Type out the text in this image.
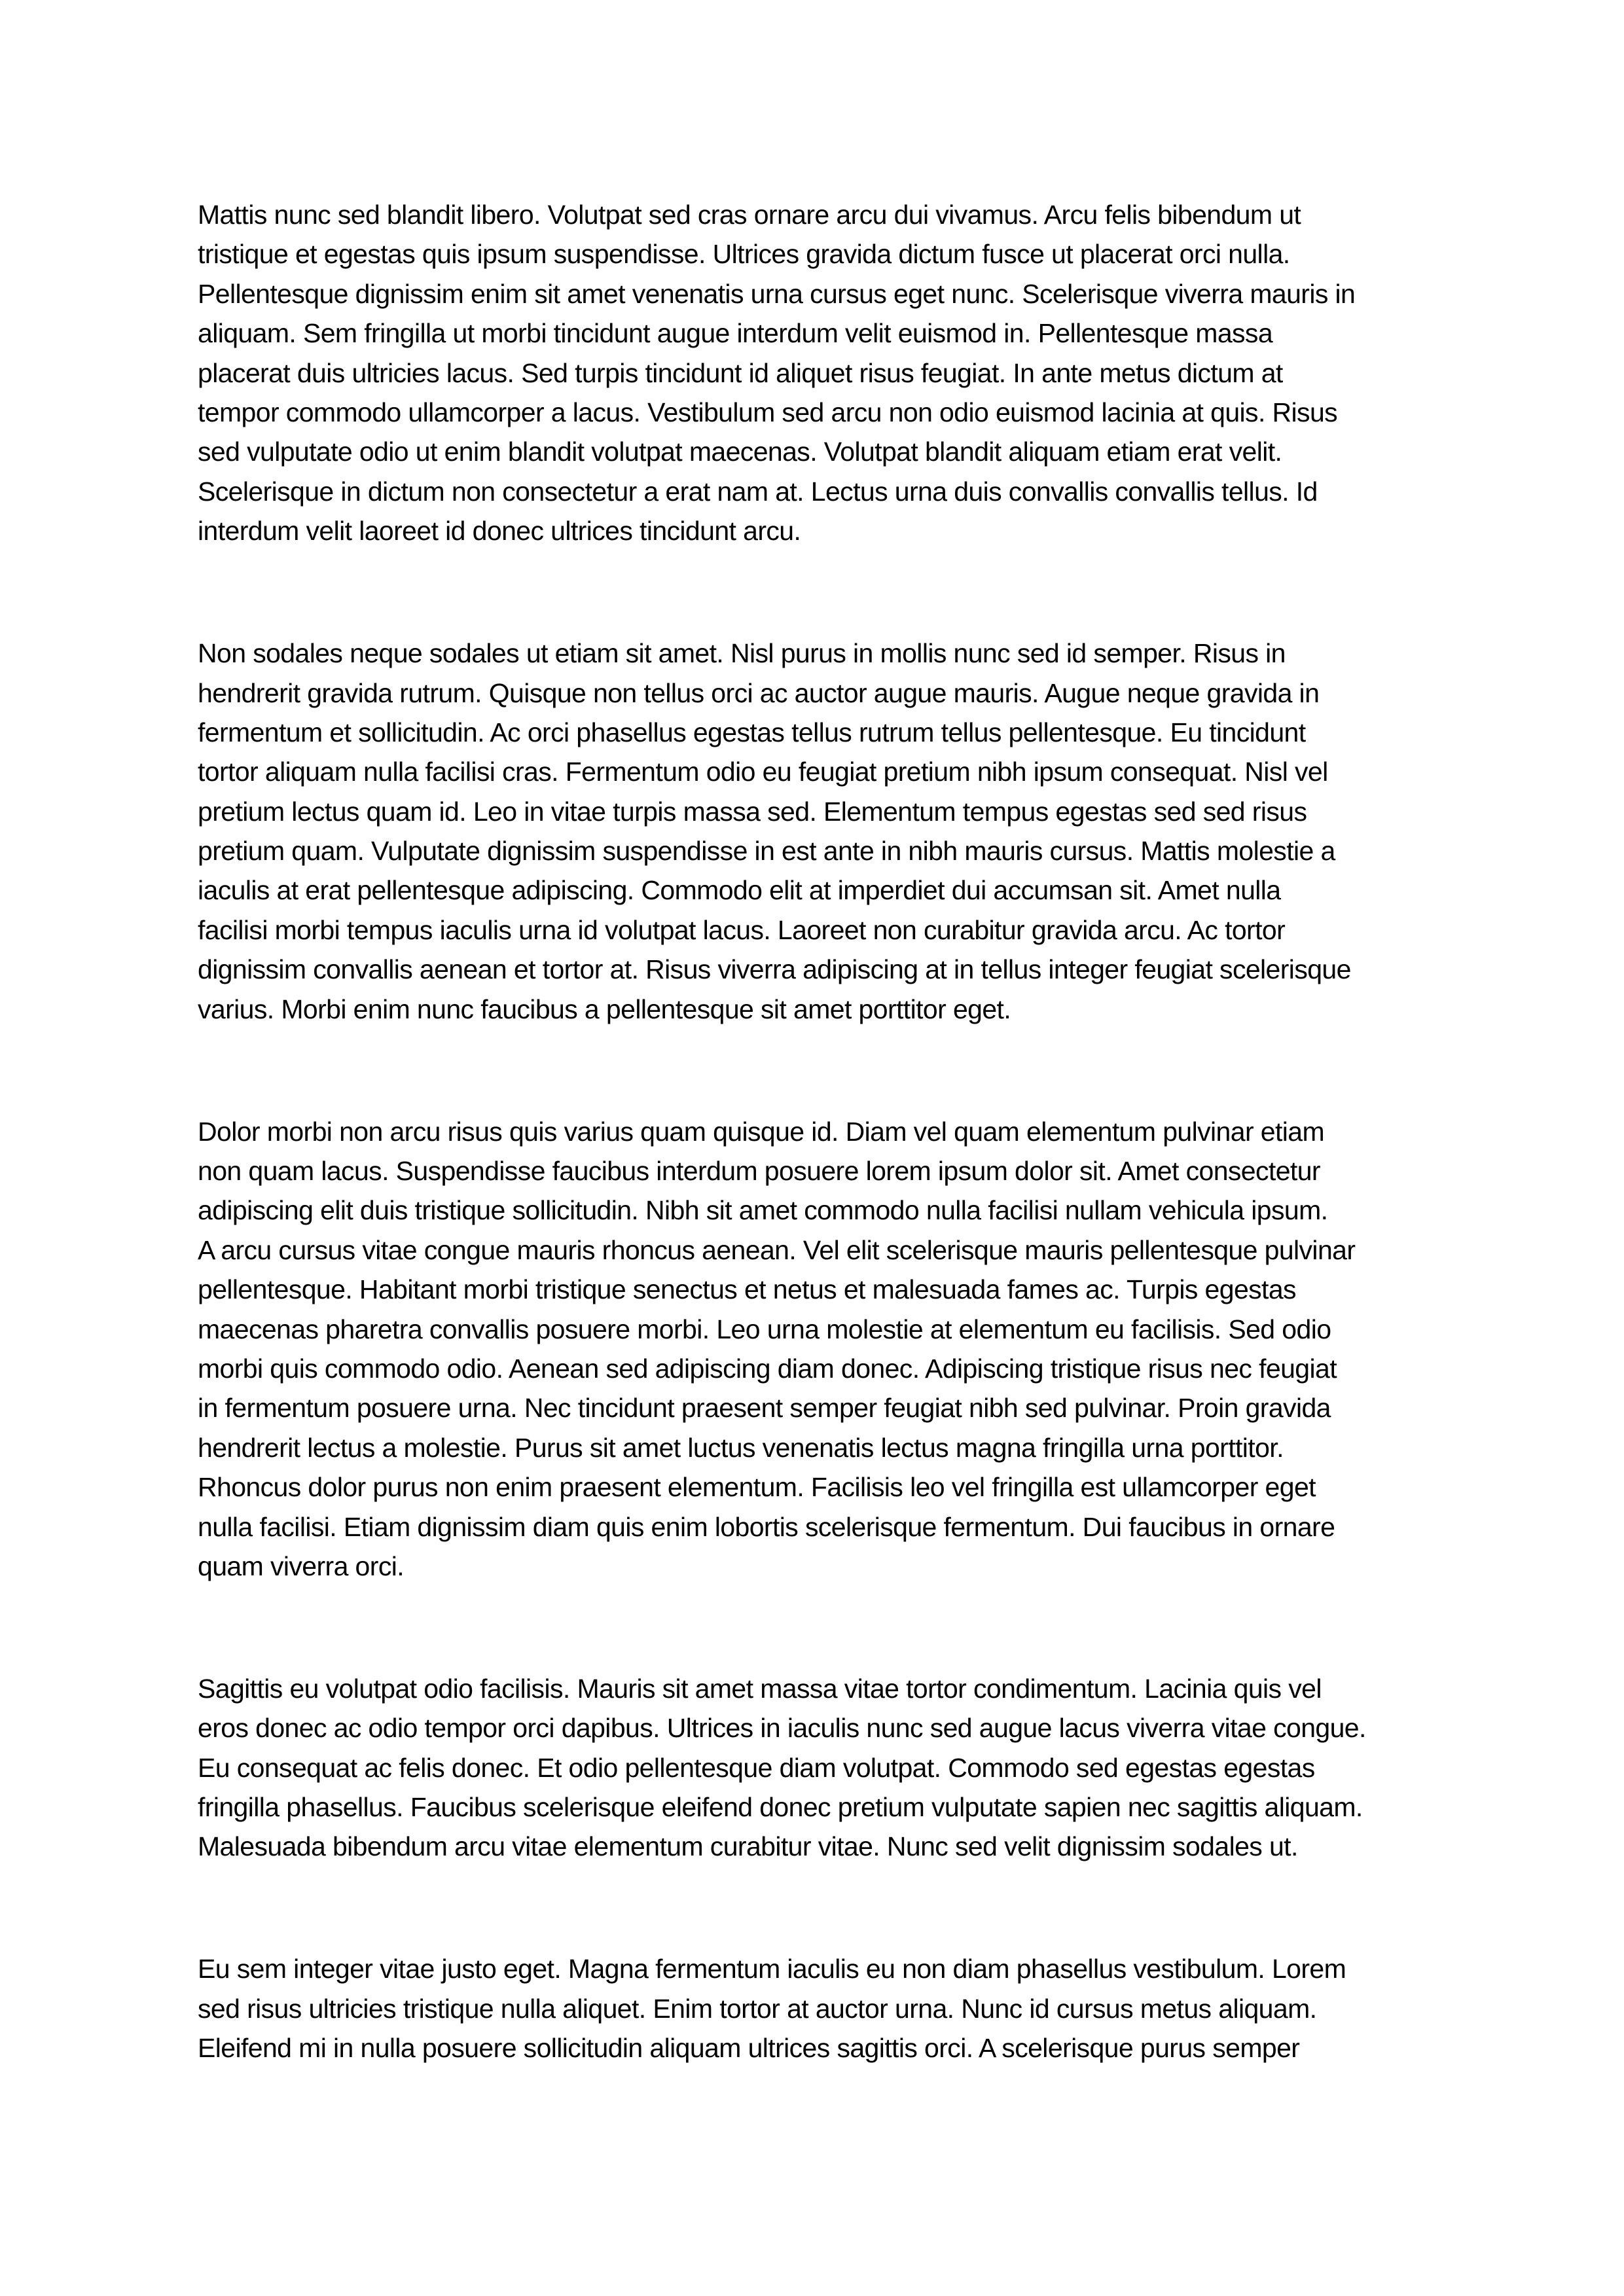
Mattis nunc sed blandit libero. Volutpat sed cras ornare arcu dui vivamus. Arcu felis bibendum ut
tristique et egestas quis ipsum suspendisse. Ultrices gravida dictum fusce ut placerat orci nulla.
Pellentesque dignissim enim sit amet venenatis urna cursus eget nunc. Scelerisque viverra mauris in
aliquam. Sem fringilla ut morbi tincidunt augue interdum velit euismod in. Pellentesque massa
placerat duis ultricies lacus. Sed turpis tincidunt id aliquet risus feugiat. In ante metus dictum at
tempor commodo ullamcorper a lacus. Vestibulum sed arcu non odio euismod lacinia at quis. Risus
sed vulputate odio ut enim blandit volutpat maecenas. Volutpat blandit aliquam etiam erat velit.
Scelerisque in dictum non consectetur a erat nam at. Lectus urna duis convallis convallis tellus. Id
interdum velit laoreet id donec ultrices tincidunt arcu.

Non sodales neque sodales ut etiam sit amet. Nisl purus in mollis nunc sed id semper. Risus in
hendrerit gravida rutrum. Quisque non tellus orci ac auctor augue mauris. Augue neque gravida in
fermentum et sollicitudin. Ac orci phasellus egestas tellus rutrum tellus pellentesque. Eu tincidunt
tortor aliquam nulla facilisi cras. Fermentum odio eu feugiat pretium nibh ipsum consequat. Nisl vel
pretium lectus quam id. Leo in vitae turpis massa sed. Elementum tempus egestas sed sed risus
pretium quam. Vulputate dignissim suspendisse in est ante in nibh mauris cursus. Mattis molestie a
iaculis at erat pellentesque adipiscing. Commodo elit at imperdiet dui accumsan sit. Amet nulla
facilisi morbi tempus iaculis urna id volutpat lacus. Laoreet non curabitur gravida arcu. Ac tortor
dignissim convallis aenean et tortor at. Risus viverra adipiscing at in tellus integer feugiat scelerisque
varius. Morbi enim nunc faucibus a pellentesque sit amet porttitor eget.

Dolor morbi non arcu risus quis varius quam quisque id. Diam vel quam elementum pulvinar etiam
non quam lacus. Suspendisse faucibus interdum posuere lorem ipsum dolor sit. Amet consectetur
adipiscing elit duis tristique sollicitudin. Nibh sit amet commodo nulla facilisi nullam vehicula ipsum.
A arcu cursus vitae congue mauris rhoncus aenean. Vel elit scelerisque mauris pellentesque pulvinar
pellentesque. Habitant morbi tristique senectus et netus et malesuada fames ac. Turpis egestas
maecenas pharetra convallis posuere morbi. Leo urna molestie at elementum eu facilisis. Sed odio
morbi quis commodo odio. Aenean sed adipiscing diam donec. Adipiscing tristique risus nec feugiat
in fermentum posuere urna. Nec tincidunt praesent semper feugiat nibh sed pulvinar. Proin gravida
hendrerit lectus a molestie. Purus sit amet luctus venenatis lectus magna fringilla urna porttitor.
Rhoncus dolor purus non enim praesent elementum. Facilisis leo vel fringilla est ullamcorper eget
nulla facilisi. Etiam dignissim diam quis enim lobortis scelerisque fermentum. Dui faucibus in ornare
quam viverra orci.

Sagittis eu volutpat odio facilisis. Mauris sit amet massa vitae tortor condimentum. Lacinia quis vel
eros donec ac odio tempor orci dapibus. Ultrices in iaculis nunc sed augue lacus viverra vitae congue.
Eu consequat ac felis donec. Et odio pellentesque diam volutpat. Commodo sed egestas egestas
fringilla phasellus. Faucibus scelerisque eleifend donec pretium vulputate sapien nec sagittis aliquam.
Malesuada bibendum arcu vitae elementum curabitur vitae. Nunc sed velit dignissim sodales ut.

Eu sem integer vitae justo eget. Magna fermentum iaculis eu non diam phasellus vestibulum. Lorem
sed risus ultricies tristique nulla aliquet. Enim tortor at auctor urna. Nunc id cursus metus aliquam.
Eleifend mi in nulla posuere sollicitudin aliquam ultrices sagittis orci. A scelerisque purus semper
